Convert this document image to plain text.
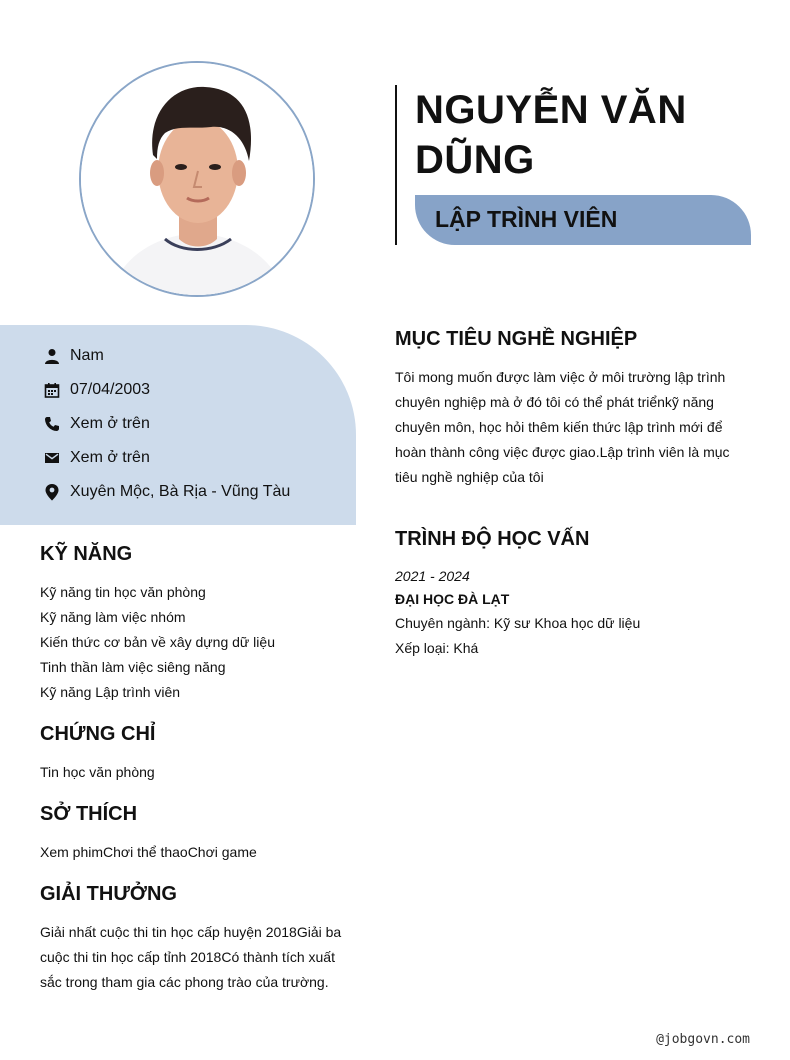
NGUYỄN VĂN DŨNG
LẬP TRÌNH VIÊN
Nam
07/04/2003
Xem ở trên
Xem ở trên
Xuyên Mộc, Bà Rịa - Vũng Tàu
KỸ NĂNG
Kỹ năng tin học văn phòng
Kỹ năng làm việc nhóm
Kiến thức cơ bản về xây dựng dữ liệu
Tinh thần làm việc siêng năng
Kỹ năng Lập trình viên
CHỨNG CHỈ
Tin học văn phòng
SỞ THÍCH
Xem phimChơi thể thaoChơi game
GIẢI THƯỞNG
Giải nhất cuộc thi tin học cấp huyện 2018Giải ba cuộc thi tin học cấp tỉnh 2018Có thành tích xuất sắc trong tham gia các phong trào của trường.
MỤC TIÊU NGHỀ NGHIỆP
Tôi mong muốn được làm việc ở môi trường lập trình chuyên nghiệp mà ở đó tôi có thể phát triểnkỹ năng chuyên môn, học hỏi thêm kiến thức lập trình mới để hoàn thành công việc được giao.Lập trình viên là mục tiêu nghề nghiệp của tôi
TRÌNH ĐỘ HỌC VẤN
2021 - 2024
ĐẠI HỌC ĐÀ LẠT
Chuyên ngành: Kỹ sư Khoa học dữ liệu
Xếp loại: Khá
@jobgovn.com
